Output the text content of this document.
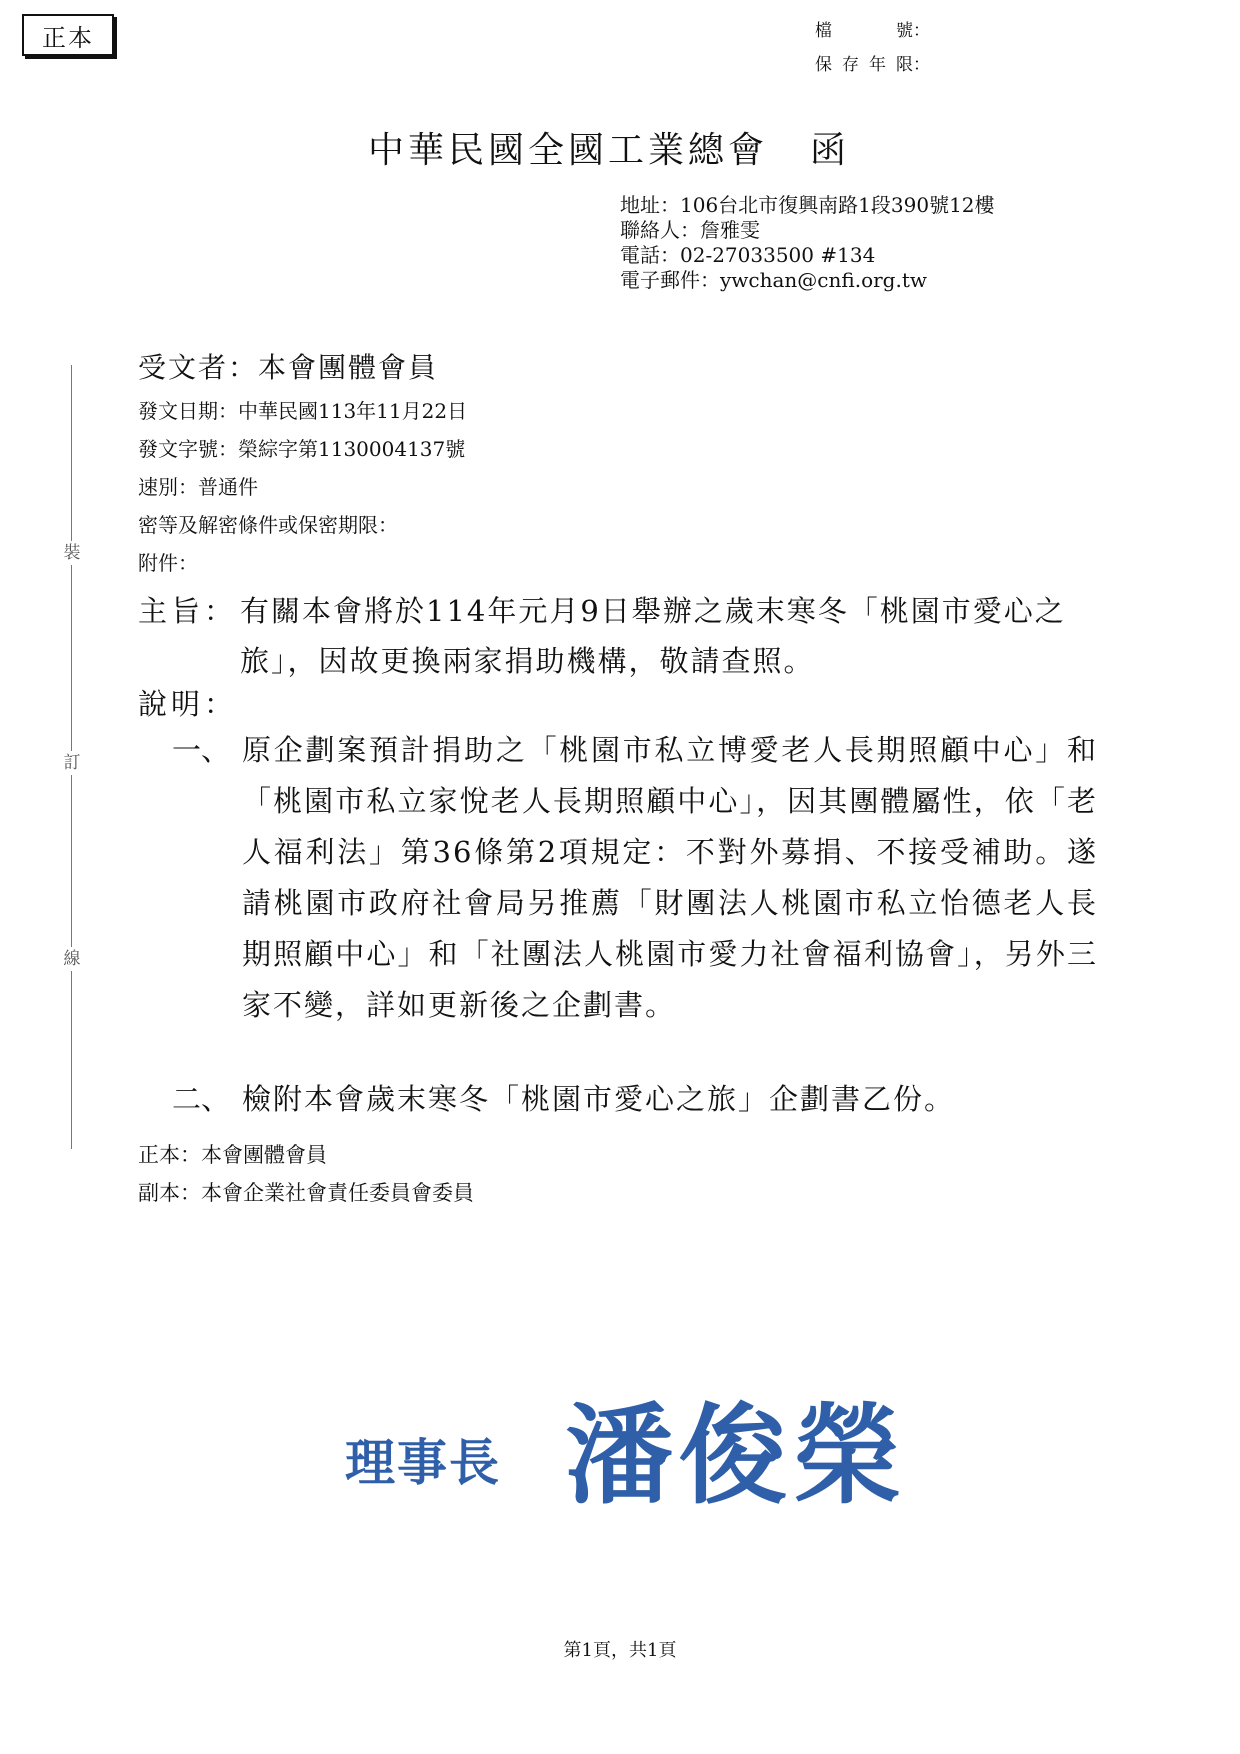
正本	檔　號 ：
保存年限 ：
中華民國全國工業總會 函
地址：106台北市復興南路1段390號12樓
聯絡人：詹雅雯
電話：02-27033500 #134
電子郵件：ywchan@cnfi.org.tw
裝
訂
線
受文者：本會團體會員
發文日期：中華民國113年11月22日
發文字號：榮綜字第1130004137號
速別：普通件
密等及解密條件或保密期限：
附件：
主旨： 有關本會將於114年元月9日舉辦之歲末寒冬「桃園市愛心之旅」，因故更換兩家捐助機構，敬請查照。
說明：
一、 原企劃案預計捐助之「桃園市私立博愛老人長期照顧中心」和「桃園市私立家悅老人長期照顧中心」，因其團體屬性，依「老人福利法」第36條第2項規定：不對外募捐、不接受補助。遂請桃園市政府社會局另推薦「財團法人桃園市私立怡德老人長期照顧中心」和「社團法人桃園市愛力社會福利協會」，另外三家不變，詳如更新後之企劃書。
二、 檢附本會歲末寒冬「桃園市愛心之旅」企劃書乙份。
正本：本會團體會員
副本：本會企業社會責任委員會委員
理事長 潘俊榮
第1頁，共1頁
